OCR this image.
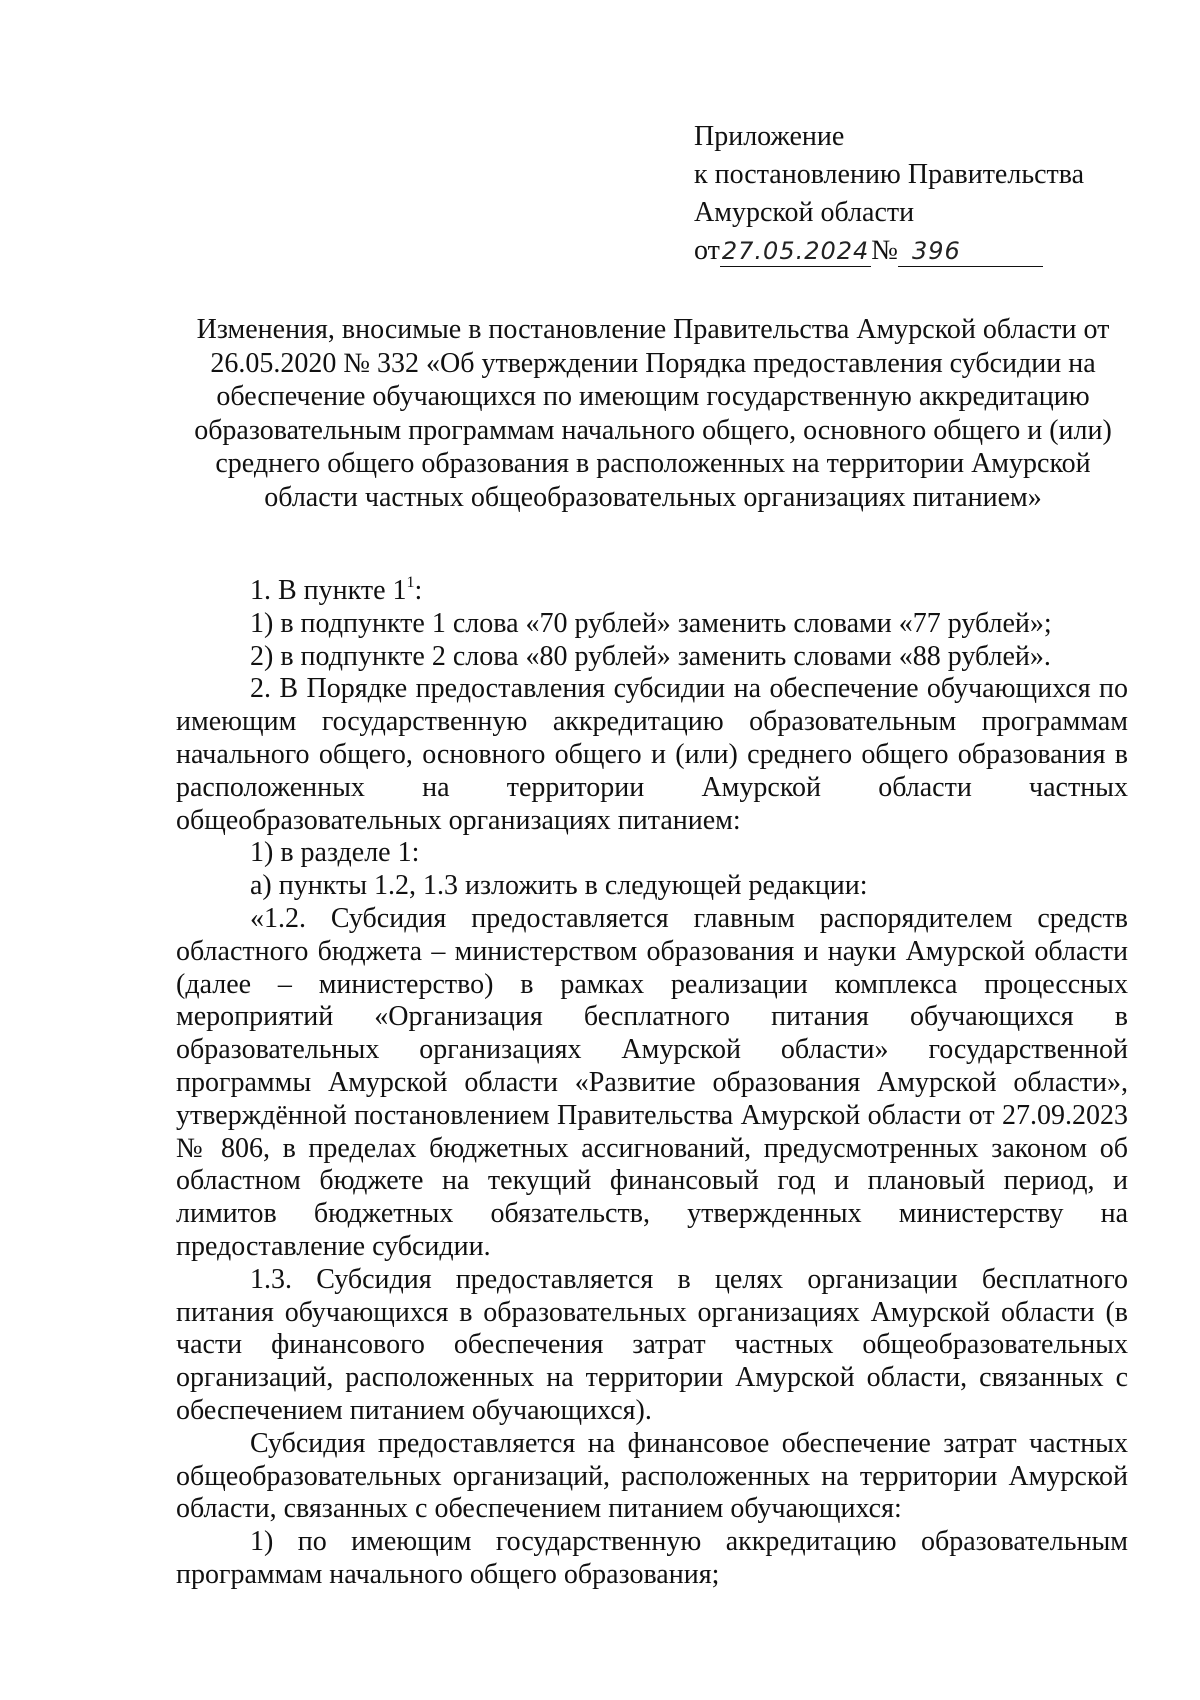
Приложение
к постановлению Правительства
Амурской области
от27.05.2024№ 396
Изменения, вносимые в постановление Правительства Амурской области от 26.05.2020 № 332 «Об утверждении Порядка предоставления субсидии на обеспечение обучающихся по имеющим государственную аккредитацию образовательным программам начального общего, основного общего и (или) среднего общего образования в расположенных на территории Амурской области частных общеобразовательных организациях питанием»

1. В пункте $1^1$:

1) в подпункте 1 слова «70 рублей» заменить словами «77 рублей»;

2) в подпункте 2 слова «80 рублей» заменить словами «88 рублей».

2. В Порядке предоставления субсидии на обеспечение обучающихся по имеющим государственную аккредитацию образовательным программам начального общего, основного общего и (или) среднего общего образования в расположенных на территории Амурской области частных общеобразовательных организациях питанием:

1) в разделе 1:

а) пункты 1.2, 1.3 изложить в следующей редакции:

«1.2. Субсидия предоставляется главным распорядителем средств областного бюджета – министерством образования и науки Амурской области (далее – министерство) в рамках реализации комплекса процессных мероприятий «Организация бесплатного питания обучающихся в образовательных организациях Амурской области» государственной программы Амурской области «Развитие образования Амурской области», утверждённой постановлением Правительства Амурской области от 27.09.2023 № 806, в пределах бюджетных ассигнований, предусмотренных законом об областном бюджете на текущий финансовый год и плановый период, и лимитов бюджетных обязательств, утвержденных министерству на предоставление субсидии.

1.3. Субсидия предоставляется в целях организации бесплатного питания обучающихся в образовательных организациях Амурской области (в части финансового обеспечения затрат частных общеобразовательных организаций, расположенных на территории Амурской области, связанных с обеспечением питанием обучающихся).

Субсидия предоставляется на финансовое обеспечение затрат частных общеобразовательных организаций, расположенных на территории Амурской области, связанных с обеспечением питанием обучающихся:

1) по имеющим государственную аккредитацию образовательным программам начального общего образования;
